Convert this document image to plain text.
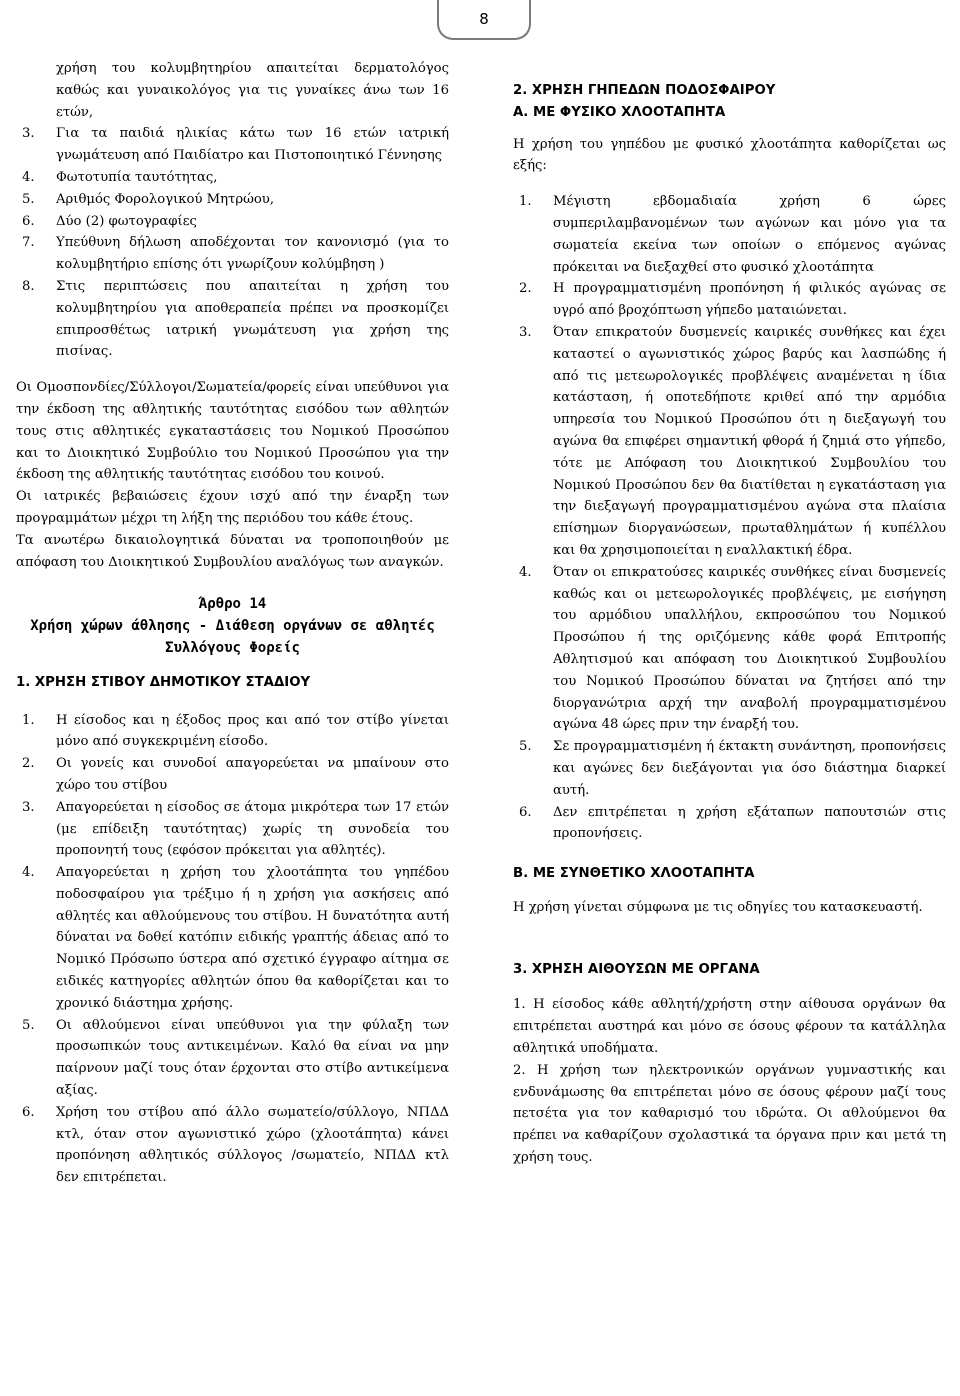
8
χρήση του κολυμβητηρίου απαιτείται δερματολόγος καθώς και γυναικολόγος για τις γυναίκες άνω των 16 ετών,
3. Για τα παιδιά ηλικίας κάτω των 16 ετών ιατρική γνωμάτευση από Παιδίατρο και Πιστοποιητικό Γέννησης
4. Φωτοτυπία ταυτότητας,
5. Αριθμός Φορολογικού Μητρώου,
6. Δύο (2) φωτογραφίες
7. Υπεύθυνη δήλωση αποδέχονται τον κανονισμό (για το κολυμβητήριο επίσης ότι γνωρίζουν κολύμβηση )
8. Στις περιπτώσεις που απαιτείται η χρήση του κολυμβητηρίου για αποθεραπεία πρέπει να προσκομίζει επιπροσθέτως ιατρική γνωμάτευση για χρήση της πισίνας.

Οι Ομοσπονδίες/Σύλλογοι/Σωματεία/φορείς είναι υπεύθυνοι για την έκδοση της αθλητικής ταυτότητας εισόδου των αθλητών τους στις αθλητικές εγκαταστάσεις του Νομικού Προσώπου και το Διοικητικό Συμβούλιο του Νομικού Προσώπου για την έκδοση της αθλητικής ταυτότητας εισόδου του κοινού.

Οι ιατρικές βεβαιώσεις έχουν ισχύ από την έναρξη των προγραμμάτων μέχρι τη λήξη της περιόδου του κάθε έτους.

Τα ανωτέρω δικαιολογητικά δύναται να τροποποιηθούν με απόφαση του Διοικητικού Συμβουλίου αναλόγως των αναγκών.

Άρθρο 14

Χρήση χώρων άθλησης - Διάθεση οργάνων σε αθλητές Συλλόγους Φορείς

1. ΧΡΗΣΗ ΣΤΙΒΟΥ ΔΗΜΟΤΙΚΟΥ ΣΤΑΔΙΟΥ
1. Η είσοδος και η έξοδος προς και από τον στίβο γίνεται μόνο από συγκεκριμένη είσοδο.
2. Οι γονείς και συνοδοί απαγορεύεται να μπαίνουν στο χώρο του στίβου
3. Απαγορεύεται η είσοδος σε άτομα μικρότερα των 17 ετών (με επίδειξη ταυτότητας) χωρίς τη συνοδεία του προπονητή τους (εφόσον πρόκειται για αθλητές).
4. Απαγορεύεται η χρήση του χλοοτάπητα του γηπέδου ποδοσφαίρου για τρέξιμο ή η χρήση για ασκήσεις από αθλητές και αθλούμενους του στίβου. Η δυνατότητα αυτή δύναται να δοθεί κατόπιν ειδικής γραπτής άδειας από το Νομικό Πρόσωπο ύστερα από σχετικό έγγραφο αίτημα σε ειδικές κατηγορίες αθλητών όπου θα καθορίζεται και το χρονικό διάστημα χρήσης.
5. Οι αθλούμενοι είναι υπεύθυνοι για την φύλαξη των προσωπικών τους αντικειμένων. Καλό θα είναι να μην παίρνουν μαζί τους όταν έρχονται στο στίβο αντικείμενα αξίας.
6. Χρήση του στίβου από άλλο σωματείο/σύλλογο, ΝΠΔΔ κτλ, όταν στον αγωνιστικό χώρο (χλοοτάπητα) κάνει προπόνηση αθλητικός σύλλογος /σωματείο, ΝΠΔΔ κτλ δεν επιτρέπεται.
2. ΧΡΗΣΗ ΓΗΠΕΔΩΝ ΠΟΔΟΣΦΑΙΡΟΥ
Α. ΜΕ ΦΥΣΙΚΟ ΧΛΟΟΤΑΠΗΤΑ

Η χρήση του γηπέδου με φυσικό χλοοτάπητα καθορίζεται ως εξής:

1. Μέγιστη εβδομαδιαία χρήση 6 ώρες συμπεριλαμβανομένων των αγώνων και μόνο για τα σωματεία εκείνα των οποίων ο επόμενος αγώνας πρόκειται να διεξαχθεί στο φυσικό χλοοτάπητα
2. Η προγραμματισμένη προπόνηση ή φιλικός αγώνας σε υγρό από βροχόπτωση γήπεδο ματαιώνεται.
3. Όταν επικρατούν δυσμενείς καιρικές συνθήκες και έχει καταστεί ο αγωνιστικός χώρος βαρύς και λασπώδης ή από τις μετεωρολογικές προβλέψεις αναμένεται η ίδια κατάσταση, ή οποτεδήποτε κριθεί από την αρμόδια υπηρεσία του Νομικού Προσώπου ότι η διεξαγωγή του αγώνα θα επιφέρει σημαντική φθορά ή ζημιά στο γήπεδο, τότε με Απόφαση του Διοικητικού Συμβουλίου του Νομικού Προσώπου δεν θα διατίθεται η εγκατάσταση για την διεξαγωγή προγραμματισμένου αγώνα στα πλαίσια επίσημων διοργανώσεων, πρωταθλημάτων ή κυπέλλου και θα χρησιμοποιείται η εναλλακτική έδρα.
4. Όταν οι επικρατούσες καιρικές συνθήκες είναι δυσμενείς καθώς και οι μετεωρολογικές προβλέψεις, με εισήγηση του αρμόδιου υπαλλήλου, εκπροσώπου του Νομικού Προσώπου ή της οριζόμενης κάθε φορά Επιτροπής Αθλητισμού και απόφαση του Διοικητικού Συμβουλίου του Νομικού Προσώπου δύναται να ζητήσει από την διοργανώτρια αρχή την αναβολή προγραμματισμένου αγώνα 48 ώρες πριν την έναρξή του.
5. Σε προγραμματισμένη ή έκτακτη συνάντηση, προπονήσεις και αγώνες δεν διεξάγονται για όσο διάστημα διαρκεί αυτή.
6. Δεν επιτρέπεται η χρήση εξάταπων παπουτσιών στις προπονήσεις.
Β. ΜΕ ΣΥΝΘΕΤΙΚΟ ΧΛΟΟΤΑΠΗΤΑ

Η χρήση γίνεται σύμφωνα με τις οδηγίες του κατασκευαστή.

3. ΧΡΗΣΗ ΑΙΘΟΥΣΩΝ ΜΕ ΟΡΓΑΝΑ

1. Η είσοδος κάθε αθλητή/χρήστη στην αίθουσα οργάνων θα επιτρέπεται αυστηρά και μόνο σε όσους φέρουν τα κατάλληλα αθλητικά υποδήματα.

2. Η χρήση των ηλεκτρονικών οργάνων γυμναστικής και ενδυνάμωσης θα επιτρέπεται μόνο σε όσους φέρουν μαζί τους πετσέτα για τον καθαρισμό του ιδρώτα. Οι αθλούμενοι θα πρέπει να καθαρίζουν σχολαστικά τα όργανα πριν και μετά τη χρήση τους.
